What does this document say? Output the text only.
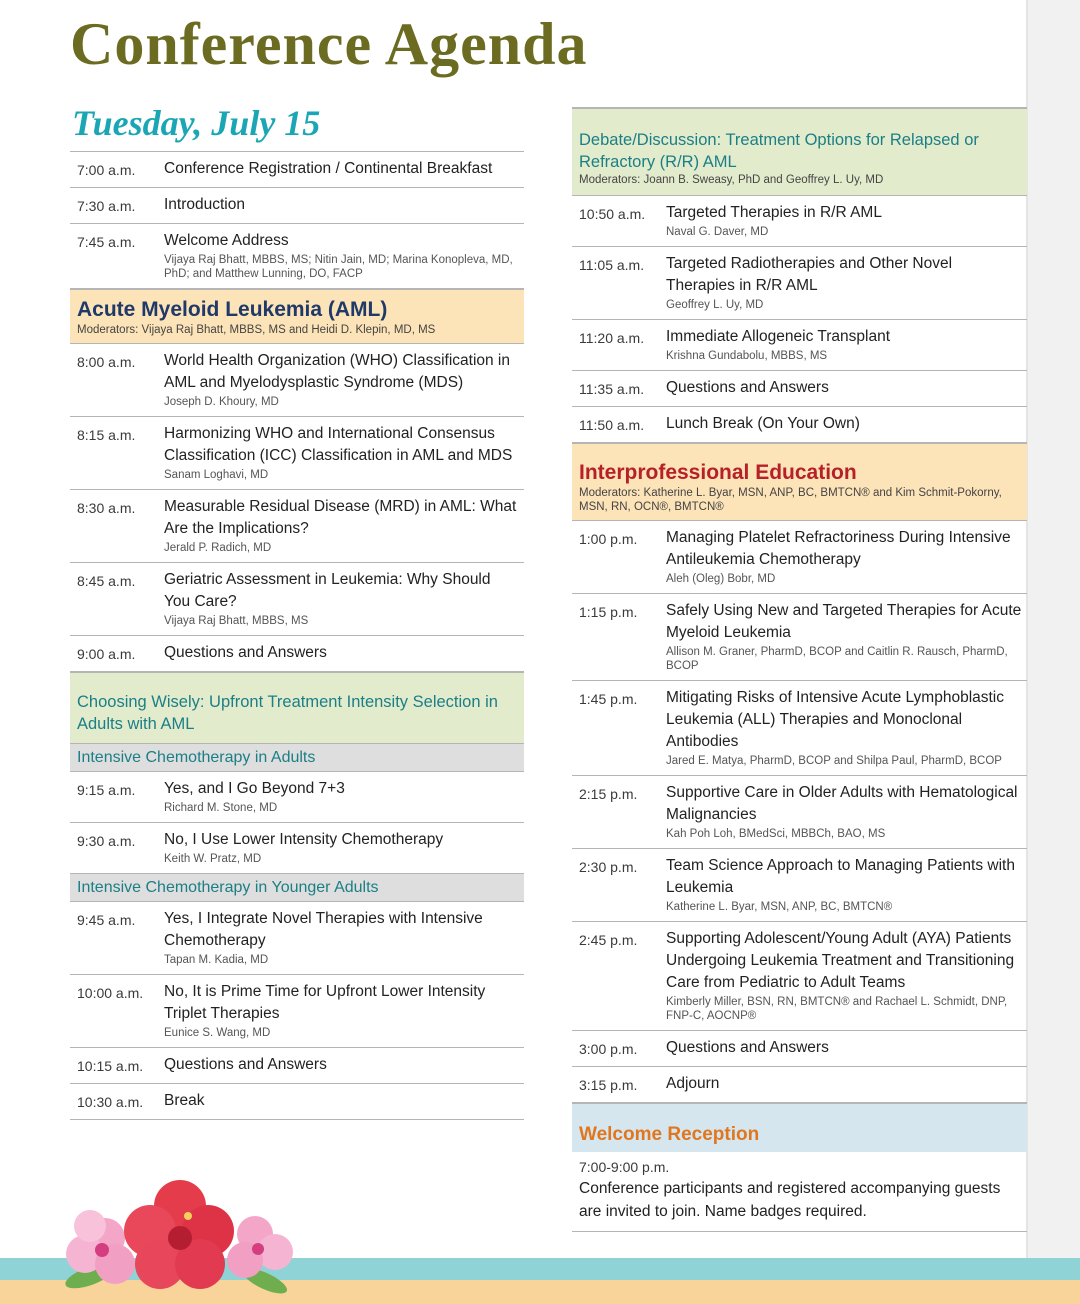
Conference Agenda
Tuesday, July 15
7:00 a.m.	Conference Registration / Continental Breakfast
7:30 a.m.	Introduction
7:45 a.m.	Welcome Address
Vijaya Raj Bhatt, MBBS, MS; Nitin Jain, MD; Marina Konopleva, MD, PhD; and Matthew Lunning, DO, FACP
Acute Myeloid Leukemia (AML)
Moderators: Vijaya Raj Bhatt, MBBS, MS and Heidi D. Klepin, MD, MS
8:00 a.m.	World Health Organization (WHO) Classification in AML and Myelodysplastic Syndrome (MDS)
Joseph D. Khoury, MD
8:15 a.m.	Harmonizing WHO and International Consensus Classification (ICC) Classification in AML and MDS
Sanam Loghavi, MD
8:30 a.m.	Measurable Residual Disease (MRD) in AML: What Are the Implications?
Jerald P. Radich, MD
8:45 a.m.	Geriatric Assessment in Leukemia: Why Should You Care?
Vijaya Raj Bhatt, MBBS, MS
9:00 a.m.	Questions and Answers
Choosing Wisely: Upfront Treatment Intensity Selection in Adults with AML
Intensive Chemotherapy in Adults
9:15 a.m.	Yes, and I Go Beyond 7+3
Richard M. Stone, MD
9:30 a.m.	No, I Use Lower Intensity Chemotherapy
Keith W. Pratz, MD
Intensive Chemotherapy in Younger Adults
9:45 a.m.	Yes, I Integrate Novel Therapies with Intensive Chemotherapy
Tapan M. Kadia, MD
10:00 a.m.	No, It is Prime Time for Upfront Lower Intensity Triplet Therapies
Eunice S. Wang, MD
10:15 a.m.	Questions and Answers
10:30 a.m.	Break
Debate/Discussion: Treatment Options for Relapsed or Refractory (R/R) AML
Moderators: Joann B. Sweasy, PhD and Geoffrey L. Uy, MD
10:50 a.m.	Targeted Therapies in R/R AML
Naval G. Daver, MD
11:05 a.m.	Targeted Radiotherapies and Other Novel Therapies in R/R AML
Geoffrey L. Uy, MD
11:20 a.m.	Immediate Allogeneic Transplant
Krishna Gundabolu, MBBS, MS
11:35 a.m.	Questions and Answers
11:50 a.m.	Lunch Break (On Your Own)
Interprofessional Education
Moderators: Katherine L. Byar, MSN, ANP, BC, BMTCN® and Kim Schmit-Pokorny, MSN, RN, OCN®, BMTCN®
1:00 p.m.	Managing Platelet Refractoriness During Intensive Antileukemia Chemotherapy
Aleh (Oleg) Bobr, MD
1:15 p.m.	Safely Using New and Targeted Therapies for Acute Myeloid Leukemia
Allison M. Graner, PharmD, BCOP and Caitlin R. Rausch, PharmD, BCOP
1:45 p.m.	Mitigating Risks of Intensive Acute Lymphoblastic Leukemia (ALL) Therapies and Monoclonal Antibodies
Jared E. Matya, PharmD, BCOP and Shilpa Paul, PharmD, BCOP
2:15 p.m.	Supportive Care in Older Adults with Hematological Malignancies
Kah Poh Loh, BMedSci, MBBCh, BAO, MS
2:30 p.m.	Team Science Approach to Managing Patients with Leukemia
Katherine L. Byar, MSN, ANP, BC, BMTCN®
2:45 p.m.	Supporting Adolescent/Young Adult (AYA) Patients Undergoing Leukemia Treatment and Transitioning Care from Pediatric to Adult Teams
Kimberly Miller, BSN, RN, BMTCN® and Rachael L. Schmidt, DNP, FNP-C, AOCNP®
3:00 p.m.	Questions and Answers
3:15 p.m.	Adjourn
Welcome Reception
7:00-9:00 p.m.
Conference participants and registered accompanying guests are invited to join. Name badges required.
